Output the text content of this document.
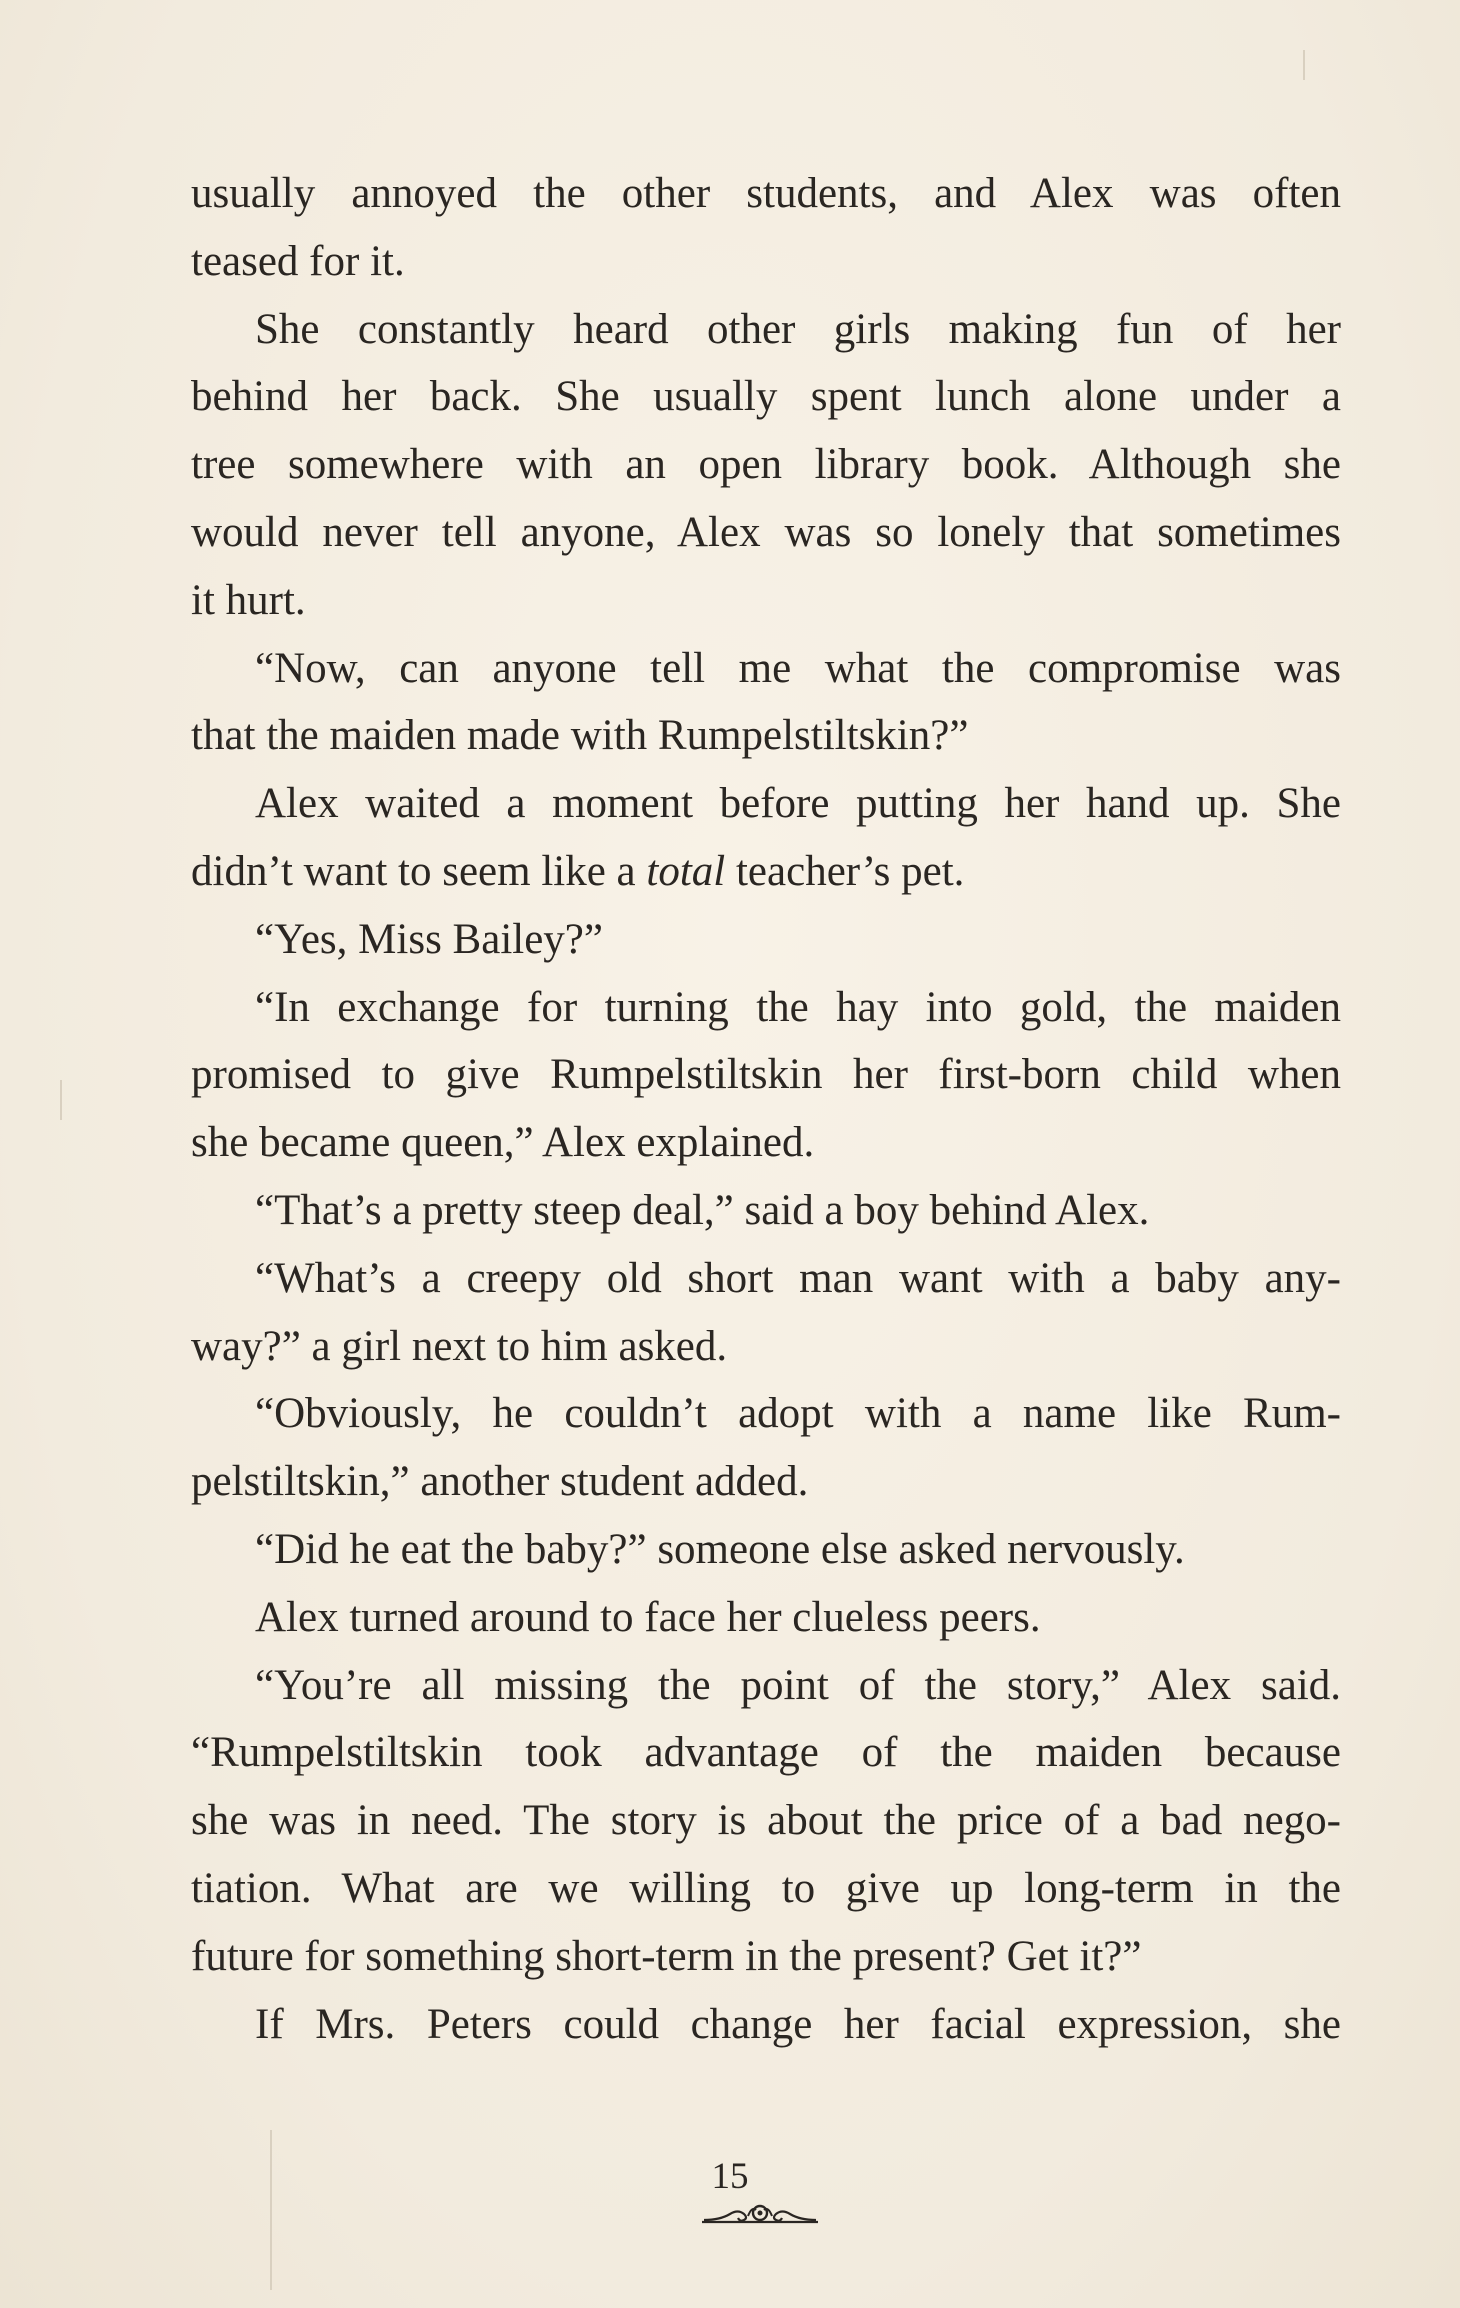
usually annoyed the other students, and Alex was often
teased for it.
She constantly heard other girls making fun of her
behind her back. She usually spent lunch alone under a
tree somewhere with an open library book. Although she
would never tell anyone, Alex was so lonely that sometimes
it hurt.
“Now, can anyone tell me what the compromise was
that the maiden made with Rumpelstiltskin?”
Alex waited a moment before putting her hand up. She
didn’t want to seem like a total teacher’s pet.
“Yes, Miss Bailey?”
“In exchange for turning the hay into gold, the maiden
promised to give Rumpelstiltskin her first-born child when
she became queen,” Alex explained.
“That’s a pretty steep deal,” said a boy behind Alex.
“What’s a creepy old short man want with a baby any-
way?” a girl next to him asked.
“Obviously, he couldn’t adopt with a name like Rum-
pelstiltskin,” another student added.
“Did he eat the baby?” someone else asked nervously.
Alex turned around to face her clueless peers.
“You’re all missing the point of the story,” Alex said.
“Rumpelstiltskin took advantage of the maiden because
she was in need. The story is about the price of a bad nego-
tiation. What are we willing to give up long-term in the
future for something short-term in the present? Get it?”
If Mrs. Peters could change her facial expression, she
15
